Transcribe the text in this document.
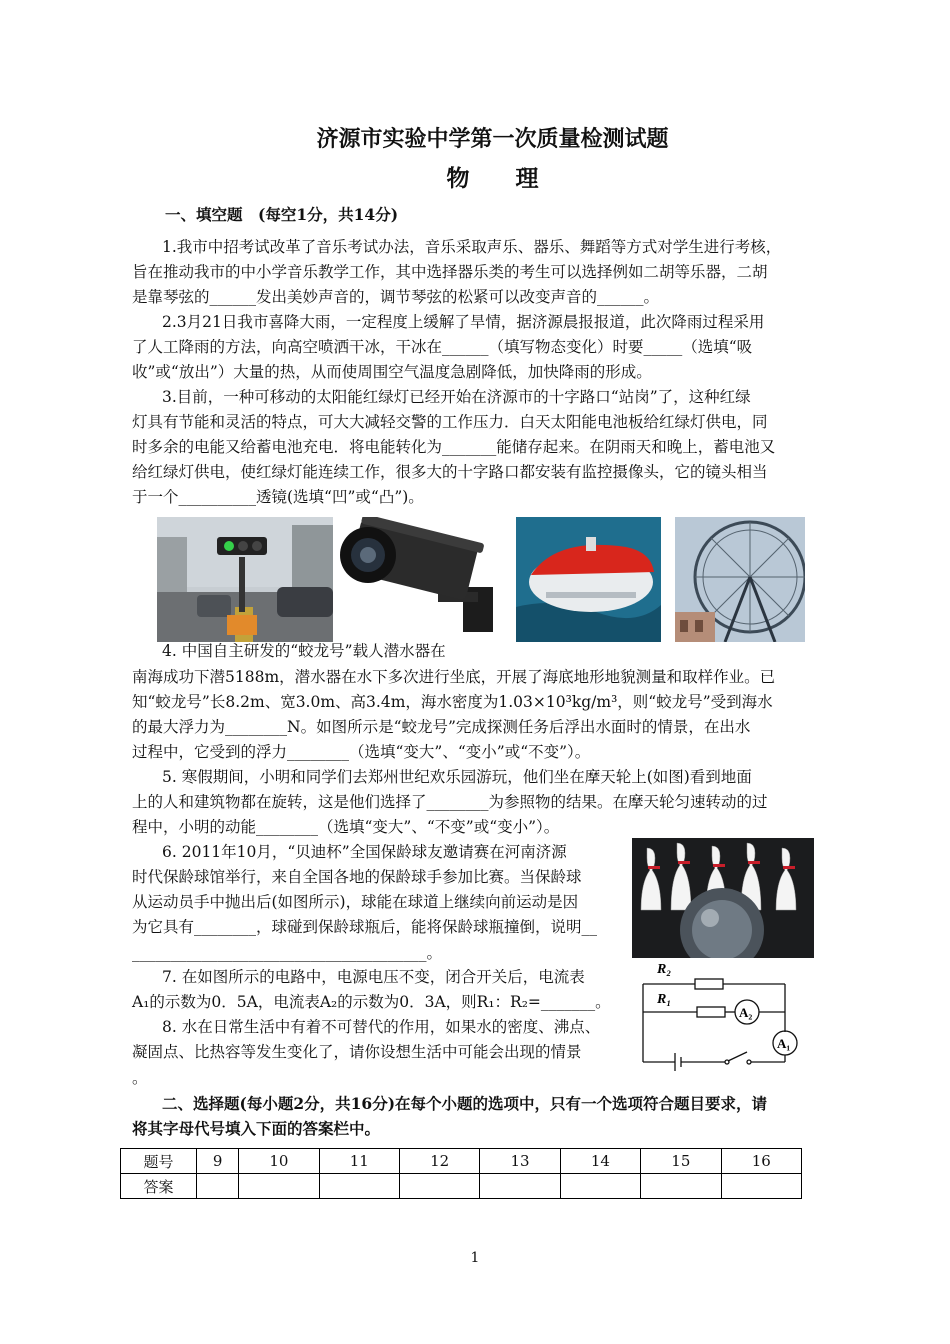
济源市实验中学第一次质量检测试题
物　　理
一、填空题　(每空1分，共14分)
1.我市中招考试改革了音乐考试办法，音乐采取声乐、器乐、舞蹈等方式对学生进行考核，
旨在推动我市的中小学音乐教学工作，其中选择器乐类的考生可以选择例如二胡等乐器，二胡
是靠琴弦的______发出美妙声音的，调节琴弦的松紧可以改变声音的______。
2.3月21日我市喜降大雨，一定程度上缓解了旱情，据济源晨报报道，此次降雨过程采用
了人工降雨的方法，向高空喷洒干冰，干冰在______（填写物态变化）时要_____（选填“吸
收”或“放出”）大量的热，从而使周围空气温度急剧降低，加快降雨的形成。
3.目前，一种可移动的太阳能红绿灯已经开始在济源市的十字路口“站岗”了，这种红绿
灯具有节能和灵活的特点，可大大减轻交警的工作压力．白天太阳能电池板给红绿灯供电，同
时多余的电能又给蓄电池充电．将电能转化为_______能储存起来。在阴雨天和晚上，蓄电池又
给红绿灯供电，使红绿灯能连续工作，很多大的十字路口都安装有监控摄像头，它的镜头相当
于一个__________透镜(选填“凹”或“凸”)。
4. 中国自主研发的“蛟龙号”载人潜水器在
南海成功下潜5188m，潜水器在水下多次进行坐底，开展了海底地形地貌测量和取样作业。已
知“蛟龙号”长8.2m、宽3.0m、高3.4m，海水密度为1.03×10³kg/m³，则“蛟龙号”受到海水
的最大浮力为________N。如图所示是“蛟龙号”完成探测任务后浮出水面时的情景，在出水
过程中，它受到的浮力________（选填“变大”、“变小”或“不变”）。
5. 寒假期间，小明和同学们去郑州世纪欢乐园游玩，他们坐在摩天轮上(如图)看到地面
上的人和建筑物都在旋转，这是他们选择了________为参照物的结果。在摩天轮匀速转动的过
程中，小明的动能________（选填“变大”、“不变”或“变小”）。
6. 2011年10月，“贝迪杯”全国保龄球友邀请赛在河南济源
时代保龄球馆举行，来自全国各地的保龄球手参加比赛。当保龄球
从运动员手中抛出后(如图所示)，球能在球道上继续向前运动是因
为它具有________，球碰到保龄球瓶后，能将保龄球瓶撞倒，说明__
______________________________________。
7. 在如图所示的电路中，电源电压不变，闭合开关后，电流表
A₁的示数为0．5A，电流表A₂的示数为0．3A，则R₁：R₂=_______。
8. 水在日常生活中有着不可替代的作用，如果水的密度、沸点、
凝固点、比热容等发生变化了，请你设想生活中可能会出现的情景
。
R₂
R₁
A₂
A₁
二、选择题(每小题2分，共16分)在每个小题的选项中，只有一个选项符合题目要求，请
将其字母代号填入下面的答案栏中。
题号	9	10	11	12	13	14	15	16
答案								
1
